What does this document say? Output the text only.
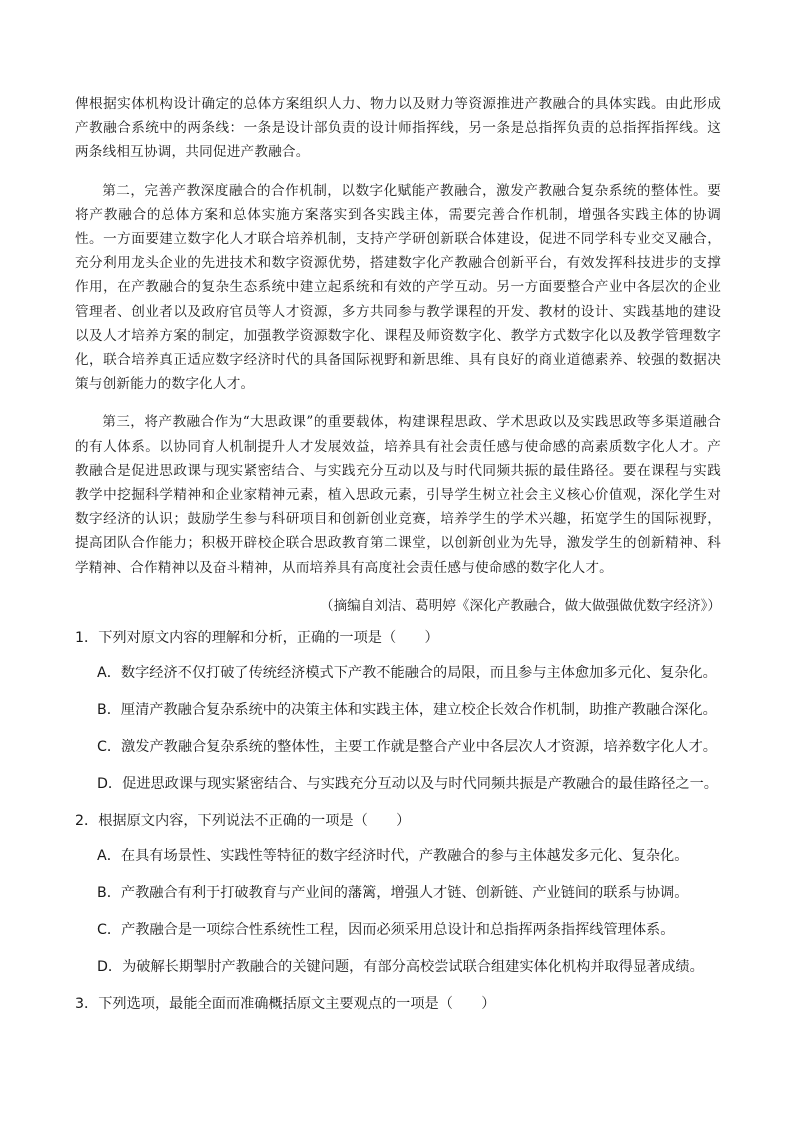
俾根据实体机构设计确定的总体方案组织人力、物力以及财力等资源推进产教融合的具体实践。由此形成产教融合系统中的两条线：一条是设计部负责的设计师指挥线，另一条是总指挥负责的总指挥指挥线。这两条线相互协调，共同促进产教融合。

第二，完善产教深度融合的合作机制，以数字化赋能产教融合，激发产教融合复杂系统的整体性。要将产教融合的总体方案和总体实施方案落实到各实践主体，需要完善合作机制，增强各实践主体的协调性。一方面要建立数字化人才联合培养机制，支持产学研创新联合体建设，促进不同学科专业交叉融合，充分利用龙头企业的先进技术和数字资源优势，搭建数字化产教融合创新平台，有效发挥科技进步的支撑作用，在产教融合的复杂生态系统中建立起系统和有效的产学互动。另一方面要整合产业中各层次的企业管理者、创业者以及政府官员等人才资源，多方共同参与教学课程的开发、教材的设计、实践基地的建设以及人才培养方案的制定，加强教学资源数字化、课程及师资数字化、教学方式数字化以及教学管理数字化，联合培养真正适应数字经济时代的具备国际视野和新思维、具有良好的商业道德素养、较强的数据决策与创新能力的数字化人才。

第三，将产教融合作为“大思政课”的重要载体，构建课程思政、学术思政以及实践思政等多渠道融合的有人体系。以协同育人机制提升人才发展效益，培养具有社会责任感与使命感的高素质数字化人才。产教融合是促进思政课与现实紧密结合、与实践充分互动以及与时代同频共振的最佳路径。要在课程与实践教学中挖掘科学精神和企业家精神元素，植入思政元素，引导学生树立社会主义核心价值观，深化学生对数字经济的认识；鼓励学生参与科研项目和创新创业竞赛，培养学生的学术兴趣，拓宽学生的国际视野，提高团队合作能力；积极开辟校企联合思政教育第二课堂，以创新创业为先导，激发学生的创新精神、科学精神、合作精神以及奋斗精神，从而培养具有高度社会责任感与使命感的数字化人才。

（摘编自刘洁、葛明婷《深化产教融合，做大做强做优数字经济》）
1．下列对原文内容的理解和分析，正确的一项是（　　）
A．数字经济不仅打破了传统经济模式下产教不能融合的局限，而且参与主体愈加多元化、复杂化。
B．厘清产教融合复杂系统中的决策主体和实践主体，建立校企长效合作机制，助推产教融合深化。
C．激发产教融合复杂系统的整体性，主要工作就是整合产业中各层次人才资源，培养数字化人才。
D．促进思政课与现实紧密结合、与实践充分互动以及与时代同频共振是产教融合的最佳路径之一。
2．根据原文内容，下列说法不正确的一项是（　　）
A．在具有场景性、实践性等特征的数字经济时代，产教融合的参与主体越发多元化、复杂化。
B．产教融合有利于打破教育与产业间的藩篱，增强人才链、创新链、产业链间的联系与协调。
C．产教融合是一项综合性系统性工程，因而必须采用总设计和总指挥两条指挥线管理体系。
D．为破解长期掣肘产教融合的关键问题，有部分高校尝试联合组建实体化机构并取得显著成绩。
3．下列选项，最能全面而准确概括原文主要观点的一项是（　　）
